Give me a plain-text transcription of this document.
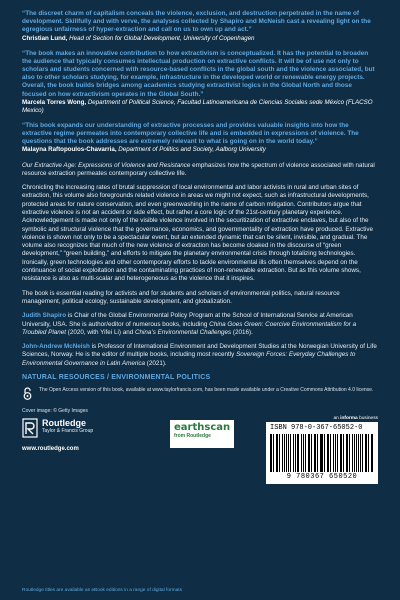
“The discreet charm of capitalism conceals the violence, exclusion, and destruction perpetrated in the name of development. Skillfully and with verve, the analyses collected by Shapiro and McNeish cast a revealing light on the egregious unfairness of hyper-extraction and call on us to own up and act.”

Christian Lund, Head of Section for Global Development, University of Copenhagen

“The book makes an innovative contribution to how extractivism is conceptualized. It has the potential to broaden the audience that typically consumes intellectual production on extractive conflicts. It will be of use not only to scholars and students concerned with resource-based conflicts in the global south and the violence associated, but also to other scholars studying, for example, infrastructure in the developed world or renewable energy projects. Overall, the book builds bridges among academics studying extractivist logics in the Global North and those focused on how extractivism operates in the Global South.”

Marcela Torres Wong, Department of Political Science, Facultad Latinoamericana de Ciencias Sociales sede México (FLACSO Mexico)

“This book expands our understanding of extractive processes and provides valuable insights into how the extractive regime permeates into contemporary collective life and is embedded in expressions of violence. The questions that the book addresses are extremely relevant to what is going on in the world today.”

Malayna Raftopoulos-Chavarria, Department of Politics and Society, Aalborg University

Our Extractive Age: Expressions of Violence and Resistance emphasizes how the spectrum of violence associated with natural resource extraction permeates contemporary collective life.

Chronicling the increasing rates of brutal suppression of local environmental and labor activists in rural and urban sites of extraction, this volume also foregrounds related violence in areas we might not expect, such as infrastructural developments, protected areas for nature conservation, and even greenwashing in the name of carbon mitigation. Contributors argue that extractive violence is not an accident or side effect, but rather a core logic of the 21st-century planetary experience. Acknowledgement is made not only of the visible violence involved in the securitization of extractive enclaves, but also of the symbolic and structural violence that the governance, economics, and governmentality of extraction have produced. Extractive violence is shown not only to be a spectacular event, but an extended dynamic that can be silent, invisible, and gradual. The volume also recognizes that much of the new violence of extraction has become cloaked in the discourse of “green development,” “green building,” and efforts to mitigate the planetary environmental crisis through totalizing technologies. Ironically, green technologies and other contemporary efforts to tackle environmental ills often themselves depend on the continuance of social exploitation and the contaminating practices of non-renewable extraction. But as this volume shows, resistance is also as multi-scalar and heterogeneous as the violence that it inspires.

The book is essential reading for activists and for students and scholars of environmental politics, natural resource management, political ecology, sustainable development, and globalization.

Judith Shapiro is Chair of the Global Environmental Policy Program at the School of International Service at American University, USA. She is author/editor of numerous books, including China Goes Green: Coercive Environmentalism for a Troubled Planet (2020, with Yifei Li) and China’s Environmental Challenges (2016).

John-Andrew McNeish is Professor of International Environment and Development Studies at the Norwegian University of Life Sciences, Norway. He is the editor of multiple books, including most recently Sovereign Forces: Everyday Challenges to Environmental Governance in Latin America (2021).

NATURAL RESOURCES / ENVIRONMENTAL POLITICS

The Open Access version of this book, available at www.taylorfrancis.com, has been made available under a Creative Commons Attribution 4.0 license.

Cover image: © Getty Images

Routledge
Taylor & Francis Group
www.routledge.com
earthscan
from Routledge
an informa business
ISBN 978-0-367-65052-0
9 780367 650520

Routledge titles are available as eBook editions in a range of digital formats
